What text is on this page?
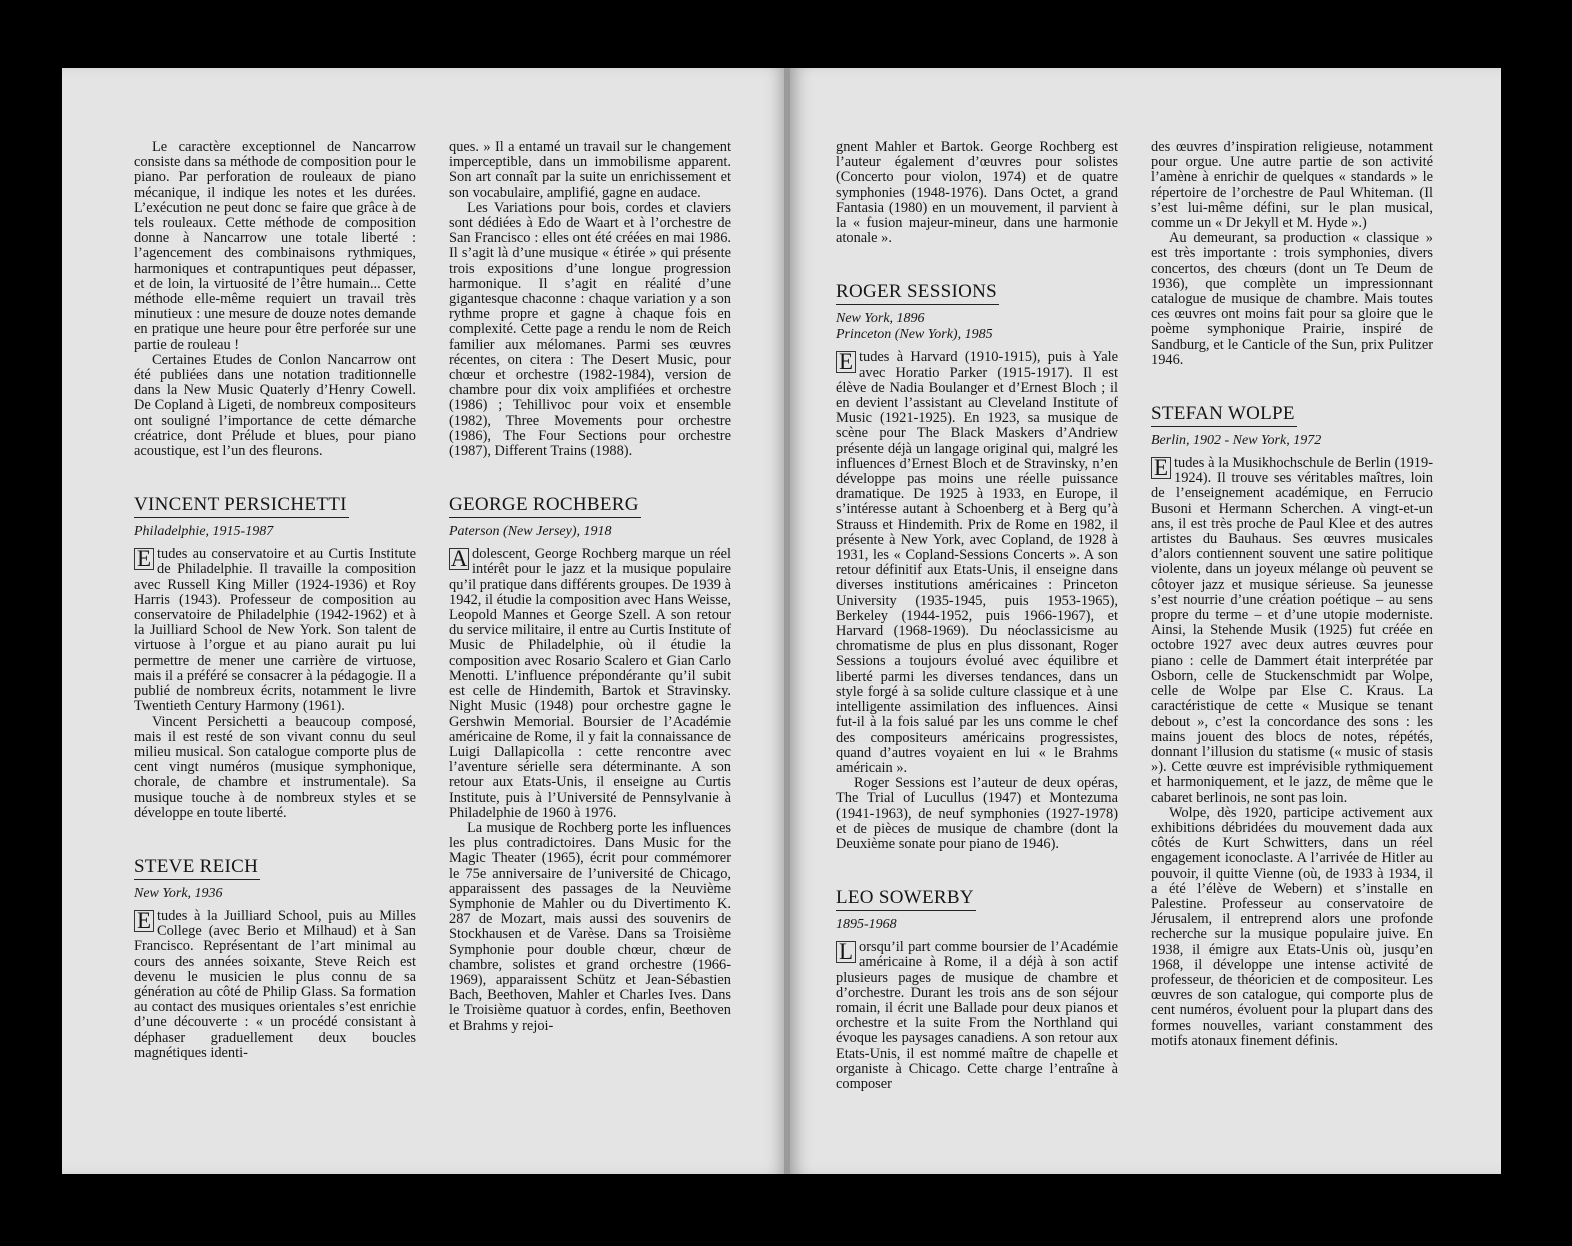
Le caractère exceptionnel de Nancarrow consiste dans sa méthode de composition pour le piano. Par perforation de rouleaux de piano mécanique, il indique les notes et les durées. L’exécution ne peut donc se faire que grâce à de tels rouleaux. Cette méthode de composition donne à Nancarrow une totale liberté : l’agencement des combinaisons rythmiques, harmoniques et contrapuntiques peut dépasser, et de loin, la virtuosité de l’être humain... Cette méthode elle-même requiert un travail très minutieux : une mesure de douze notes demande en pratique une heure pour être perforée sur une partie de rouleau !

Certaines Etudes de Conlon Nancarrow ont été publiées dans une notation traditionnelle dans la New Music Quaterly d’Henry Cowell. De Copland à Ligeti, de nombreux compositeurs ont souligné l’importance de cette démarche créatrice, dont Prélude et blues, pour piano acoustique, est l’un des fleurons.

VINCENT PERSICHETTI

Philadelphie, 1915-1987

E tudes au conservatoire et au Curtis Institute de Philadelphie. Il travaille la composition avec Russell King Miller (1924-1936) et Roy Harris (1943). Professeur de composition au conservatoire de Philadelphie (1942-1962) et à la Juilliard School de New York. Son talent de virtuose à l’orgue et au piano aurait pu lui permettre de mener une carrière de virtuose, mais il a préféré se consacrer à la pédagogie. Il a publié de nombreux écrits, notamment le livre Twentieth Century Harmony (1961).

Vincent Persichetti a beaucoup composé, mais il est resté de son vivant connu du seul milieu musical. Son catalogue comporte plus de cent vingt numéros (musique symphonique, chorale, de chambre et instrumentale). Sa musique touche à de nombreux styles et se développe en toute liberté.

STEVE REICH

New York, 1936

E tudes à la Juilliard School, puis au Milles College (avec Berio et Milhaud) et à San Francisco. Représentant de l’art minimal au cours des années soixante, Steve Reich est devenu le musicien le plus connu de sa génération au côté de Philip Glass. Sa formation au contact des musiques orientales s’est enrichie d’une découverte : « un procédé consistant à déphaser graduellement deux boucles magnétiques identi-

ques. » Il a entamé un travail sur le changement imperceptible, dans un immobilisme apparent. Son art connaît par la suite un enrichissement et son vocabulaire, amplifié, gagne en audace.

Les Variations pour bois, cordes et claviers sont dédiées à Edo de Waart et à l’orchestre de San Francisco : elles ont été créées en mai 1986. Il s’agit là d’une musique « étirée » qui présente trois expositions d’une longue progression harmonique. Il s’agit en réalité d’une gigantesque chaconne : chaque variation y a son rythme propre et gagne à chaque fois en complexité. Cette page a rendu le nom de Reich familier aux mélomanes. Parmi ses œuvres récentes, on citera : The Desert Music, pour chœur et orchestre (1982-1984), version de chambre pour dix voix amplifiées et orchestre (1986) ; Tehillivoc pour voix et ensemble (1982), Three Movements pour orchestre (1986), The Four Sections pour orchestre (1987), Different Trains (1988).

GEORGE ROCHBERG

Paterson (New Jersey), 1918

A dolescent, George Rochberg marque un réel intérêt pour le jazz et la musique populaire qu’il pratique dans différents groupes. De 1939 à 1942, il étudie la composition avec Hans Weisse, Leopold Mannes et George Szell. A son retour du service militaire, il entre au Curtis Institute of Music de Philadelphie, où il étudie la composition avec Rosario Scalero et Gian Carlo Menotti. L’influence prépondérante qu’il subit est celle de Hindemith, Bartok et Stravinsky. Night Music (1948) pour orchestre gagne le Gershwin Memorial. Boursier de l’Académie américaine de Rome, il y fait la connaissance de Luigi Dallapicolla : cette rencontre avec l’aventure sérielle sera déterminante. A son retour aux Etats-Unis, il enseigne au Curtis Institute, puis à l’Université de Pennsylvanie à Philadelphie de 1960 à 1976.

La musique de Rochberg porte les influences les plus contradictoires. Dans Music for the Magic Theater (1965), écrit pour commémorer le 75e anniversaire de l’université de Chicago, apparaissent des passages de la Neuvième Symphonie de Mahler ou du Divertimento K. 287 de Mozart, mais aussi des souvenirs de Stockhausen et de Varèse. Dans sa Troisième Symphonie pour double chœur, chœur de chambre, solistes et grand orchestre (1966-1969), apparaissent Schütz et Jean-Sébastien Bach, Beethoven, Mahler et Charles Ives. Dans le Troisième quatuor à cordes, enfin, Beethoven et Brahms y rejoi-

gnent Mahler et Bartok. George Rochberg est l’auteur également d’œuvres pour solistes (Concerto pour violon, 1974) et de quatre symphonies (1948-1976). Dans Octet, a grand Fantasia (1980) en un mouvement, il parvient à la « fusion majeur-mineur, dans une harmonie atonale ».

ROGER SESSIONS

New York, 1896

Princeton (New York), 1985

E tudes à Harvard (1910-1915), puis à Yale avec Horatio Parker (1915-1917). Il est élève de Nadia Boulanger et d’Ernest Bloch ; il en devient l’assistant au Cleveland Institute of Music (1921-1925). En 1923, sa musique de scène pour The Black Maskers d’Andriew présente déjà un langage original qui, malgré les influences d’Ernest Bloch et de Stravinsky, n’en développe pas moins une réelle puissance dramatique. De 1925 à 1933, en Europe, il s’intéresse autant à Schoenberg et à Berg qu’à Strauss et Hindemith. Prix de Rome en 1982, il présente à New York, avec Copland, de 1928 à 1931, les « Copland-Sessions Concerts ». A son retour définitif aux Etats-Unis, il enseigne dans diverses institutions américaines : Princeton University (1935-1945, puis 1953-1965), Berkeley (1944-1952, puis 1966-1967), et Harvard (1968-1969). Du néoclassicisme au chromatisme de plus en plus dissonant, Roger Sessions a toujours évolué avec équilibre et liberté parmi les diverses tendances, dans un style forgé à sa solide culture classique et à une intelligente assimilation des influences. Ainsi fut-il à la fois salué par les uns comme le chef des compositeurs américains progressistes, quand d’autres voyaient en lui « le Brahms américain ».

Roger Sessions est l’auteur de deux opéras, The Trial of Lucullus (1947) et Montezuma (1941-1963), de neuf symphonies (1927-1978) et de pièces de musique de chambre (dont la Deuxième sonate pour piano de 1946).

LEO SOWERBY

1895-1968

L orsqu’il part comme boursier de l’Académie américaine à Rome, il a déjà à son actif plusieurs pages de musique de chambre et d’orchestre. Durant les trois ans de son séjour romain, il écrit une Ballade pour deux pianos et orchestre et la suite From the Northland qui évoque les paysages canadiens. A son retour aux Etats-Unis, il est nommé maître de chapelle et organiste à Chicago. Cette charge l’entraîne à composer

des œuvres d’inspiration religieuse, notamment pour orgue. Une autre partie de son activité l’amène à enrichir de quelques « standards » le répertoire de l’orchestre de Paul Whiteman. (Il s’est lui-même défini, sur le plan musical, comme un « Dr Jekyll et M. Hyde ».)

Au demeurant, sa production « classique » est très importante : trois symphonies, divers concertos, des chœurs (dont un Te Deum de 1936), que complète un impressionnant catalogue de musique de chambre. Mais toutes ces œuvres ont moins fait pour sa gloire que le poème symphonique Prairie, inspiré de Sandburg, et le Canticle of the Sun, prix Pulitzer 1946.

STEFAN WOLPE

Berlin, 1902 - New York, 1972

E tudes à la Musikhochschule de Berlin (1919-1924). Il trouve ses véritables maîtres, loin de l’enseignement académique, en Ferrucio Busoni et Hermann Scherchen. A vingt-et-un ans, il est très proche de Paul Klee et des autres artistes du Bauhaus. Ses œuvres musicales d’alors contiennent souvent une satire politique violente, dans un joyeux mélange où peuvent se côtoyer jazz et musique sérieuse. Sa jeunesse s’est nourrie d’une création poétique – au sens propre du terme – et d’une utopie moderniste. Ainsi, la Stehende Musik (1925) fut créée en octobre 1927 avec deux autres œuvres pour piano : celle de Dammert était interprétée par Osborn, celle de Stuckenschmidt par Wolpe, celle de Wolpe par Else C. Kraus. La caractéristique de cette « Musique se tenant debout », c’est la concordance des sons : les mains jouent des blocs de notes, répétés, donnant l’illusion du statisme (« music of stasis »). Cette œuvre est imprévisible rythmiquement et harmoniquement, et le jazz, de même que le cabaret berlinois, ne sont pas loin.

Wolpe, dès 1920, participe activement aux exhibitions débridées du mouvement dada aux côtés de Kurt Schwitters, dans un réel engagement iconoclaste. A l’arrivée de Hitler au pouvoir, il quitte Vienne (où, de 1933 à 1934, il a été l’élève de Webern) et s’installe en Palestine. Professeur au conservatoire de Jérusalem, il entreprend alors une profonde recherche sur la musique populaire juive. En 1938, il émigre aux Etats-Unis où, jusqu’en 1968, il développe une intense activité de professeur, de théoricien et de compositeur. Les œuvres de son catalogue, qui comporte plus de cent numéros, évoluent pour la plupart dans des formes nouvelles, variant constamment des motifs atonaux finement définis.
